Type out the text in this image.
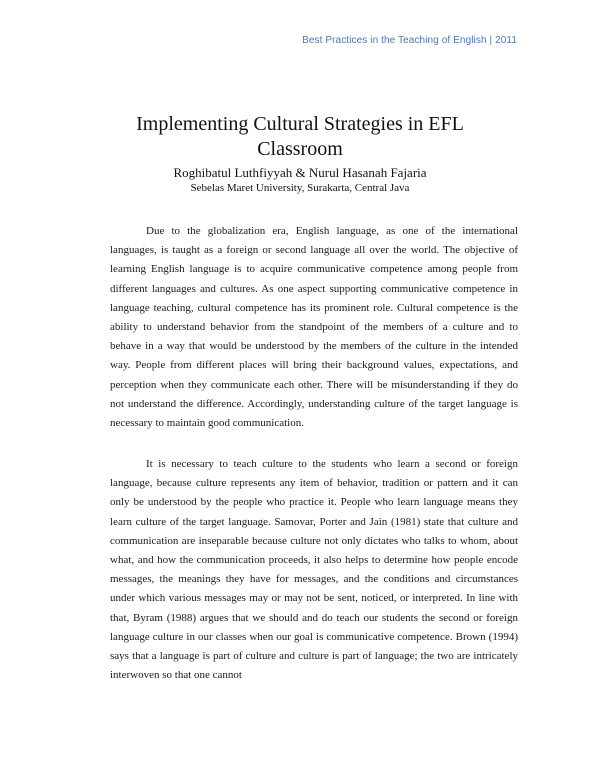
Best Practices in the Teaching of English | 2011
Implementing Cultural Strategies in EFL
Classroom
Roghibatul Luthfiyyah & Nurul Hasanah Fajaria
Sebelas Maret University, Surakarta, Central Java

Due to the globalization era, English language, as one of the international languages, is taught as a foreign or second language all over the world. The objective of learning English language is to acquire communicative competence among people from different languages and cultures. As one aspect supporting communicative competence in language teaching, cultural competence has its prominent role. Cultural competence is the ability to understand behavior from the standpoint of the members of a culture and to behave in a way that would be understood by the members of the culture in the intended way. People from different places will bring their background values, expectations, and perception when they communicate each other. There will be misunderstanding if they do not understand the difference. Accordingly, understanding culture of the target language is necessary to maintain good communication.

It is necessary to teach culture to the students who learn a second or foreign language, because culture represents any item of behavior, tradition or pattern and it can only be understood by the people who practice it. People who learn language means they learn culture of the target language. Samovar, Porter and Jain (1981) state that culture and communication are inseparable because culture not only dictates who talks to whom, about what, and how the communication proceeds, it also helps to determine how people encode messages, the meanings they have for messages, and the conditions and circumstances under which various messages may or may not be sent, noticed, or interpreted. In line with that, Byram (1988) argues that we should and do teach our students the second or foreign language culture in our classes when our goal is communicative competence. Brown (1994) says that a language is part of culture and culture is part of language; the two are intricately interwoven so that one cannot
